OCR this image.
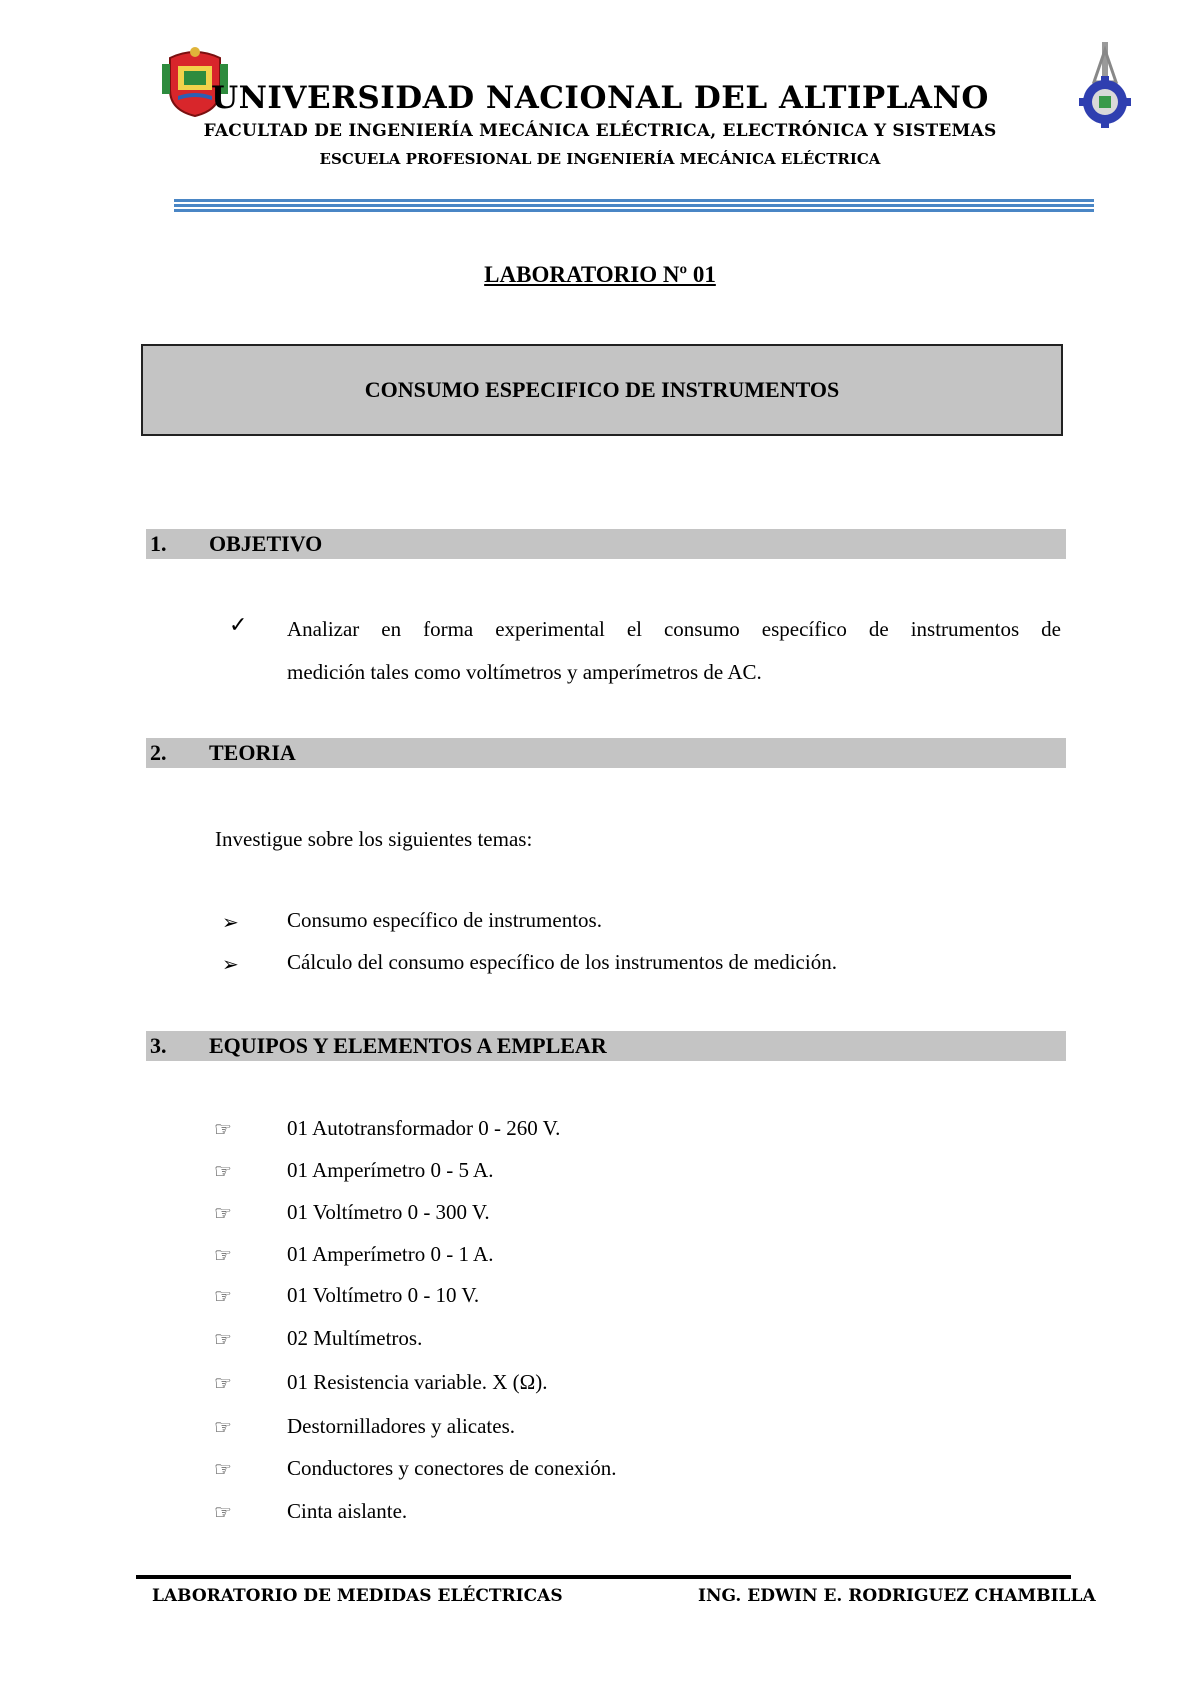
UNIVERSIDAD NACIONAL DEL ALTIPLANO
FACULTAD DE INGENIERÍA MECÁNICA ELÉCTRICA, ELECTRÓNICA Y SISTEMAS
ESCUELA PROFESIONAL DE INGENIERÍA MECÁNICA ELÉCTRICA
LABORATORIO Nº 01
CONSUMO ESPECIFICO DE INSTRUMENTOS
1. OBJETIVO
✓ Analizar en forma experimental el consumo específico de instrumentos de
medición tales como voltímetros y amperímetros de AC.
2. TEORIA
Investigue sobre los siguientes temas:
➢ Consumo específico de instrumentos.
➢ Cálculo del consumo específico de los instrumentos de medición.
3. EQUIPOS Y ELEMENTOS A EMPLEAR
☞	01 Autotransformador 0 - 260 V.
☞	01 Amperímetro 0 - 5 A.
☞	01 Voltímetro 0 - 300 V.
☞	01 Amperímetro 0 - 1 A.
☞	01 Voltímetro 0 - 10 V.
☞	02 Multímetros.
☞	01 Resistencia variable. X (Ω).
☞	Destornilladores y alicates.
☞	Conductores y conectores de conexión.
☞	Cinta aislante.
LABORATORIO DE MEDIDAS ELÉCTRICAS	ING. EDWIN E. RODRIGUEZ CHAMBILLA
